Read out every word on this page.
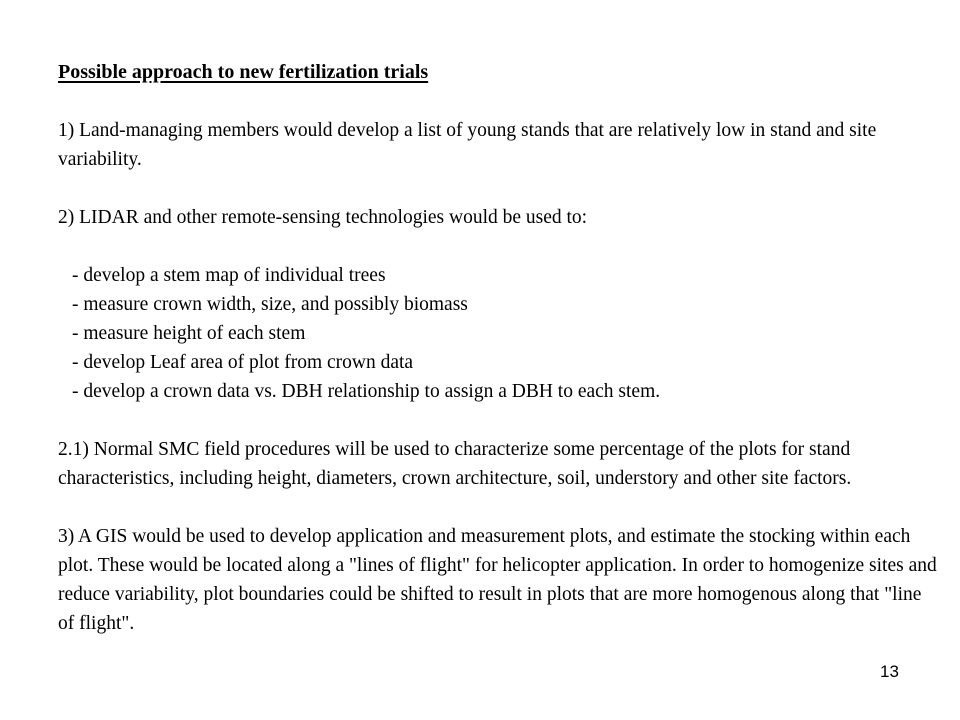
Possible approach to new fertilization trials

1) Land-managing members would develop a list of young stands that are relatively low in stand and site variability.

2) LIDAR and other remote-sensing technologies would be used to:

- develop a stem map of individual trees
- measure crown width, size, and possibly biomass
- measure height of each stem
- develop Leaf area of plot from crown data
- develop a crown data vs. DBH relationship to assign a DBH to each stem.

2.1) Normal SMC field procedures will be used to characterize some percentage of the plots for stand characteristics, including height, diameters, crown architecture, soil, understory and other site factors.

3) A GIS would be used to develop application and measurement plots, and estimate the stocking within each plot. These would be located along a "lines of flight" for helicopter application. In order to homogenize sites and reduce variability, plot boundaries could be shifted to result in plots that are more homogenous along that "line of flight".

13
